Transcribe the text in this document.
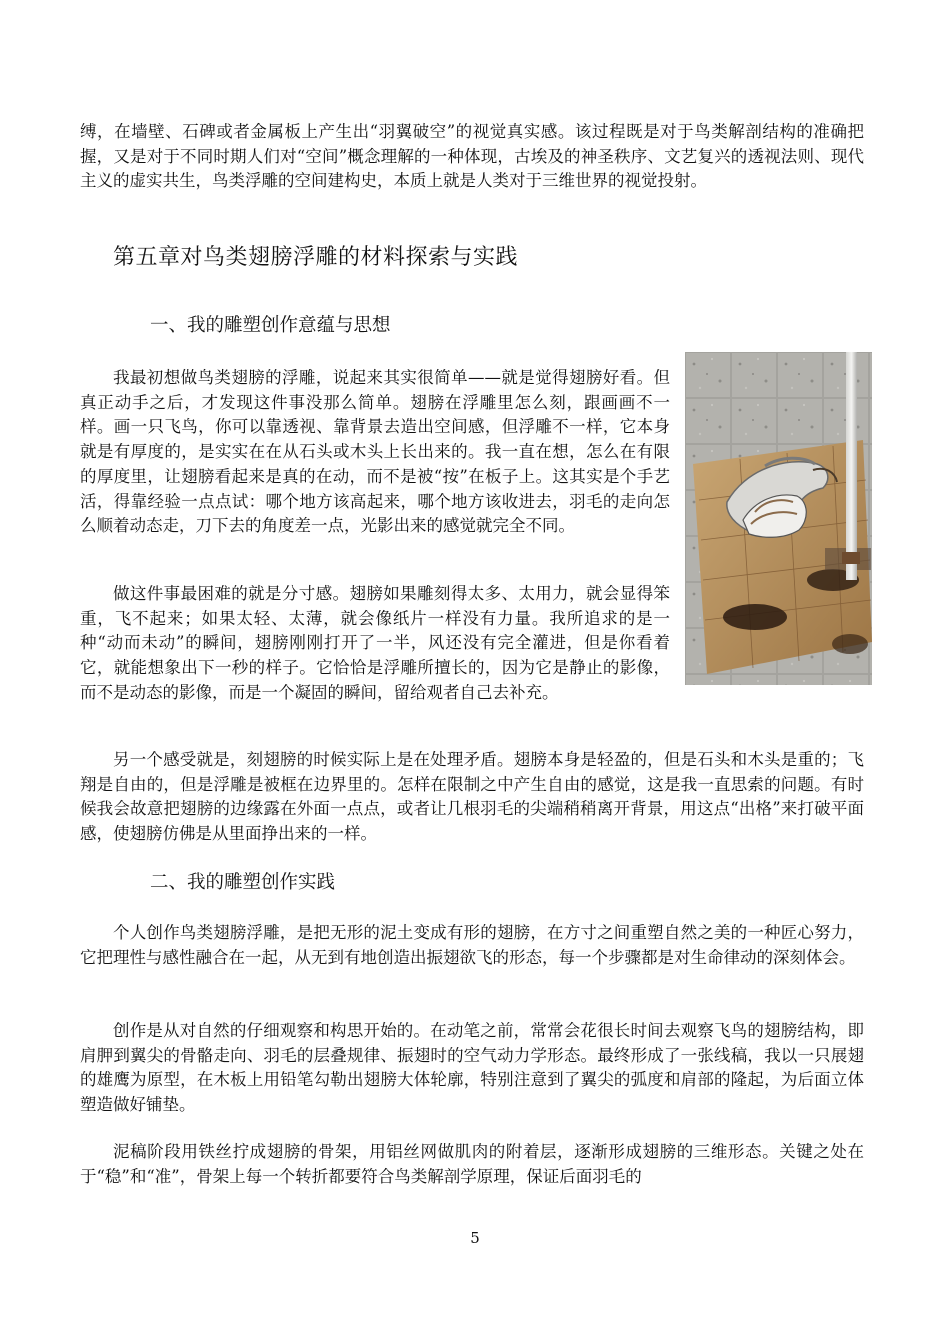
缚，在墙壁、石碑或者金属板上产生出“羽翼破空”的视觉真实感。该过程既是对于鸟类解剖结构的准确把握，又是对于不同时期人们对“空间”概念理解的一种体现，古埃及的神圣秩序、文艺复兴的透视法则、现代主义的虚实共生，鸟类浮雕的空间建构史，本质上就是人类对于三维世界的视觉投射。

第五章对鸟类翅膀浮雕的材料探索与实践
一、我的雕塑创作意蕴与思想

我最初想做鸟类翅膀的浮雕，说起来其实很简单——就是觉得翅膀好看。但真正动手之后，才发现这件事没那么简单。翅膀在浮雕里怎么刻，跟画画不一样。画一只飞鸟，你可以靠透视、靠背景去造出空间感，但浮雕不一样，它本身就是有厚度的，是实实在在从石头或木头上长出来的。我一直在想，怎么在有限的厚度里，让翅膀看起来是真的在动，而不是被“按”在板子上。这其实是个手艺活，得靠经验一点点试：哪个地方该高起来，哪个地方该收进去，羽毛的走向怎么顺着动态走，刀下去的角度差一点，光影出来的感觉就完全不同。

做这件事最困难的就是分寸感。翅膀如果雕刻得太多、太用力，就会显得笨重，飞不起来；如果太轻、太薄，就会像纸片一样没有力量。我所追求的是一种“动而未动”的瞬间，翅膀刚刚打开了一半，风还没有完全灌进，但是你看着它，就能想象出下一秒的样子。它恰恰是浮雕所擅长的，因为它是静止的影像，而不是动态的影像，而是一个凝固的瞬间，留给观者自己去补充。

另一个感受就是，刻翅膀的时候实际上是在处理矛盾。翅膀本身是轻盈的，但是石头和木头是重的；飞翔是自由的，但是浮雕是被框在边界里的。怎样在限制之中产生自由的感觉，这是我一直思索的问题。有时候我会故意把翅膀的边缘露在外面一点点，或者让几根羽毛的尖端稍稍离开背景，用这点“出格”来打破平面感，使翅膀仿佛是从里面挣出来的一样。

二、我的雕塑创作实践

个人创作鸟类翅膀浮雕，是把无形的泥土变成有形的翅膀，在方寸之间重塑自然之美的一种匠心努力，它把理性与感性融合在一起，从无到有地创造出振翅欲飞的形态，每一个步骤都是对生命律动的深刻体会。

创作是从对自然的仔细观察和构思开始的。在动笔之前，常常会花很长时间去观察飞鸟的翅膀结构，即肩胛到翼尖的骨骼走向、羽毛的层叠规律、振翅时的空气动力学形态。最终形成了一张线稿，我以一只展翅的雄鹰为原型，在木板上用铅笔勾勒出翅膀大体轮廓，特别注意到了翼尖的弧度和肩部的隆起，为后面立体塑造做好铺垫。

泥稿阶段用铁丝拧成翅膀的骨架，用铝丝网做肌肉的附着层，逐渐形成翅膀的三维形态。关键之处在于“稳”和“准”，骨架上每一个转折都要符合鸟类解剖学原理，保证后面羽毛的

5
